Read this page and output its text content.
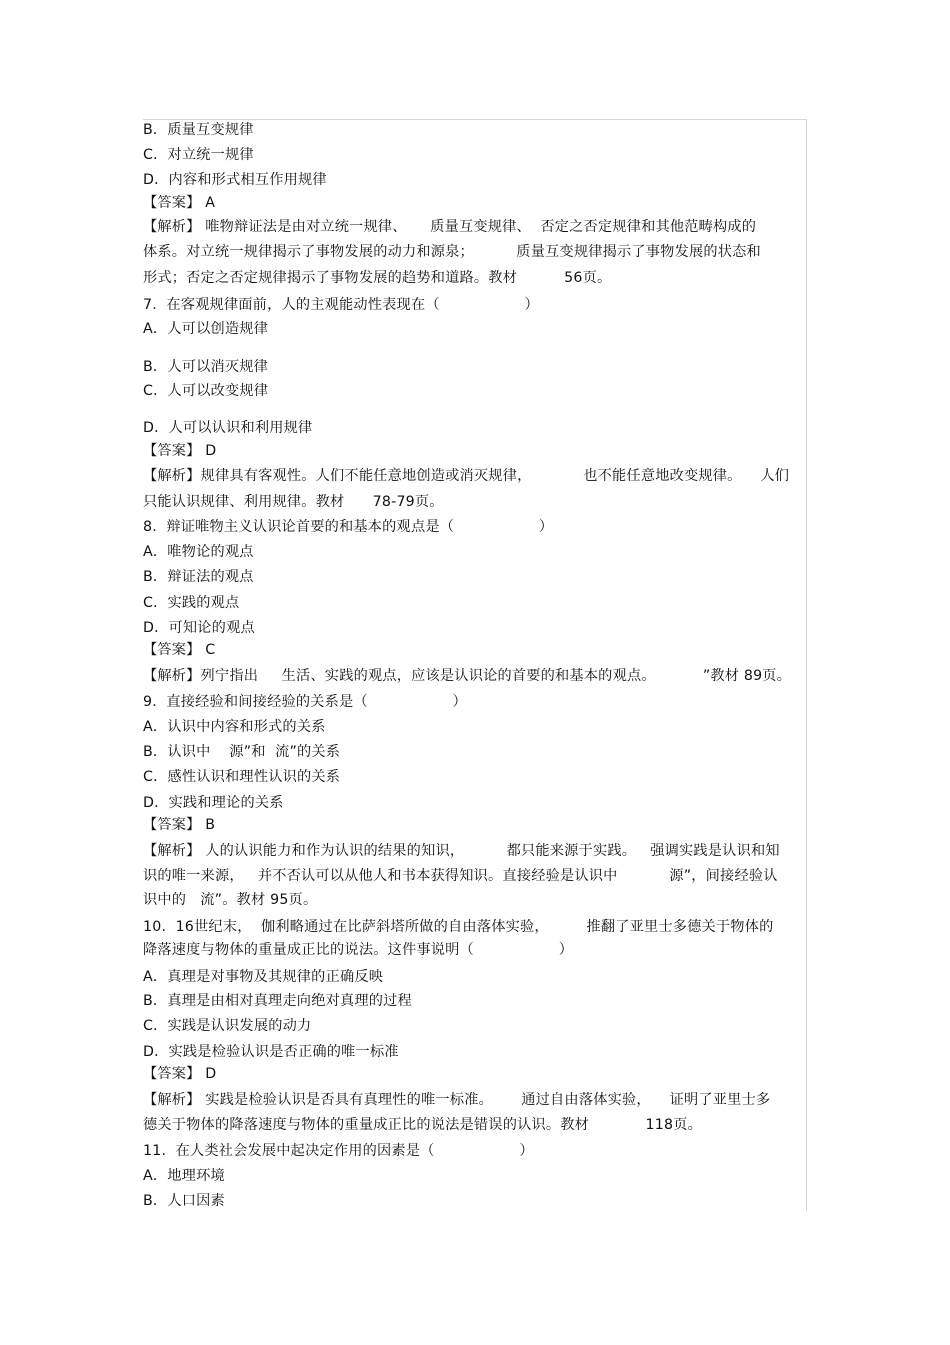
B．质量互变规律
C．对立统一规律
D．内容和形式相互作用规律
【答案】 A
【解析】 唯物辩证法是由对立统一规律、     质量互变规律、  否定之否定规律和其他范畴构成的
体系。对立统一规律揭示了事物发展的动力和源泉；         质量互变规律揭示了事物发展的状态和
形式；否定之否定规律揭示了事物发展的趋势和道路。教材          56页。
7.  在客观规律面前，人的主观能动性表现在（                  ）
A．人可以创造规律
B．人可以消灭规律
C．人可以改变规律
D．人可以认识和利用规律
【答案】 D
【解析】规律具有客观性。人们不能任意地创造或消灭规律，           也不能任意地改变规律。    人们
只能认识规律、利用规律。教材      78-79页。
8.  辩证唯物主义认识论首要的和基本的观点是（                  ）
A．唯物论的观点
B．辩证法的观点
C．实践的观点
D．可知论的观点
【答案】 C
【解析】列宁指出     生活、实践的观点，应该是认识论的首要的和基本的观点。          ”教材 89页。
9.  直接经验和间接经验的关系是（                  ）
A．认识中内容和形式的关系
B．认识中    源”和  流”的关系
C．感性认识和理性认识的关系
D．实践和理论的关系
【答案】 B
【解析】 人的认识能力和作为认识的结果的知识，         都只能来源于实践。   强调实践是认识和知
识的唯一来源，   并不否认可以从他人和书本获得知识。直接经验是认识中           源”，间接经验认
识中的   流”。教材 95页。
10.  16世纪末，  伽利略通过在比萨斜塔所做的自由落体实验，        推翻了亚里士多德关于物体的
降落速度与物体的重量成正比的说法。这件事说明（                  ）
A．真理是对事物及其规律的正确反映
B．真理是由相对真理走向绝对真理的过程
C．实践是认识发展的动力
D．实践是检验认识是否正确的唯一标准
【答案】 D
【解析】 实践是检验认识是否具有真理性的唯一标准。      通过自由落体实验，    证明了亚里士多
德关于物体的降落速度与物体的重量成正比的说法是错误的认识。教材            118页。
11.  在人类社会发展中起决定作用的因素是（                  ）
A．地理环境
B．人口因素
